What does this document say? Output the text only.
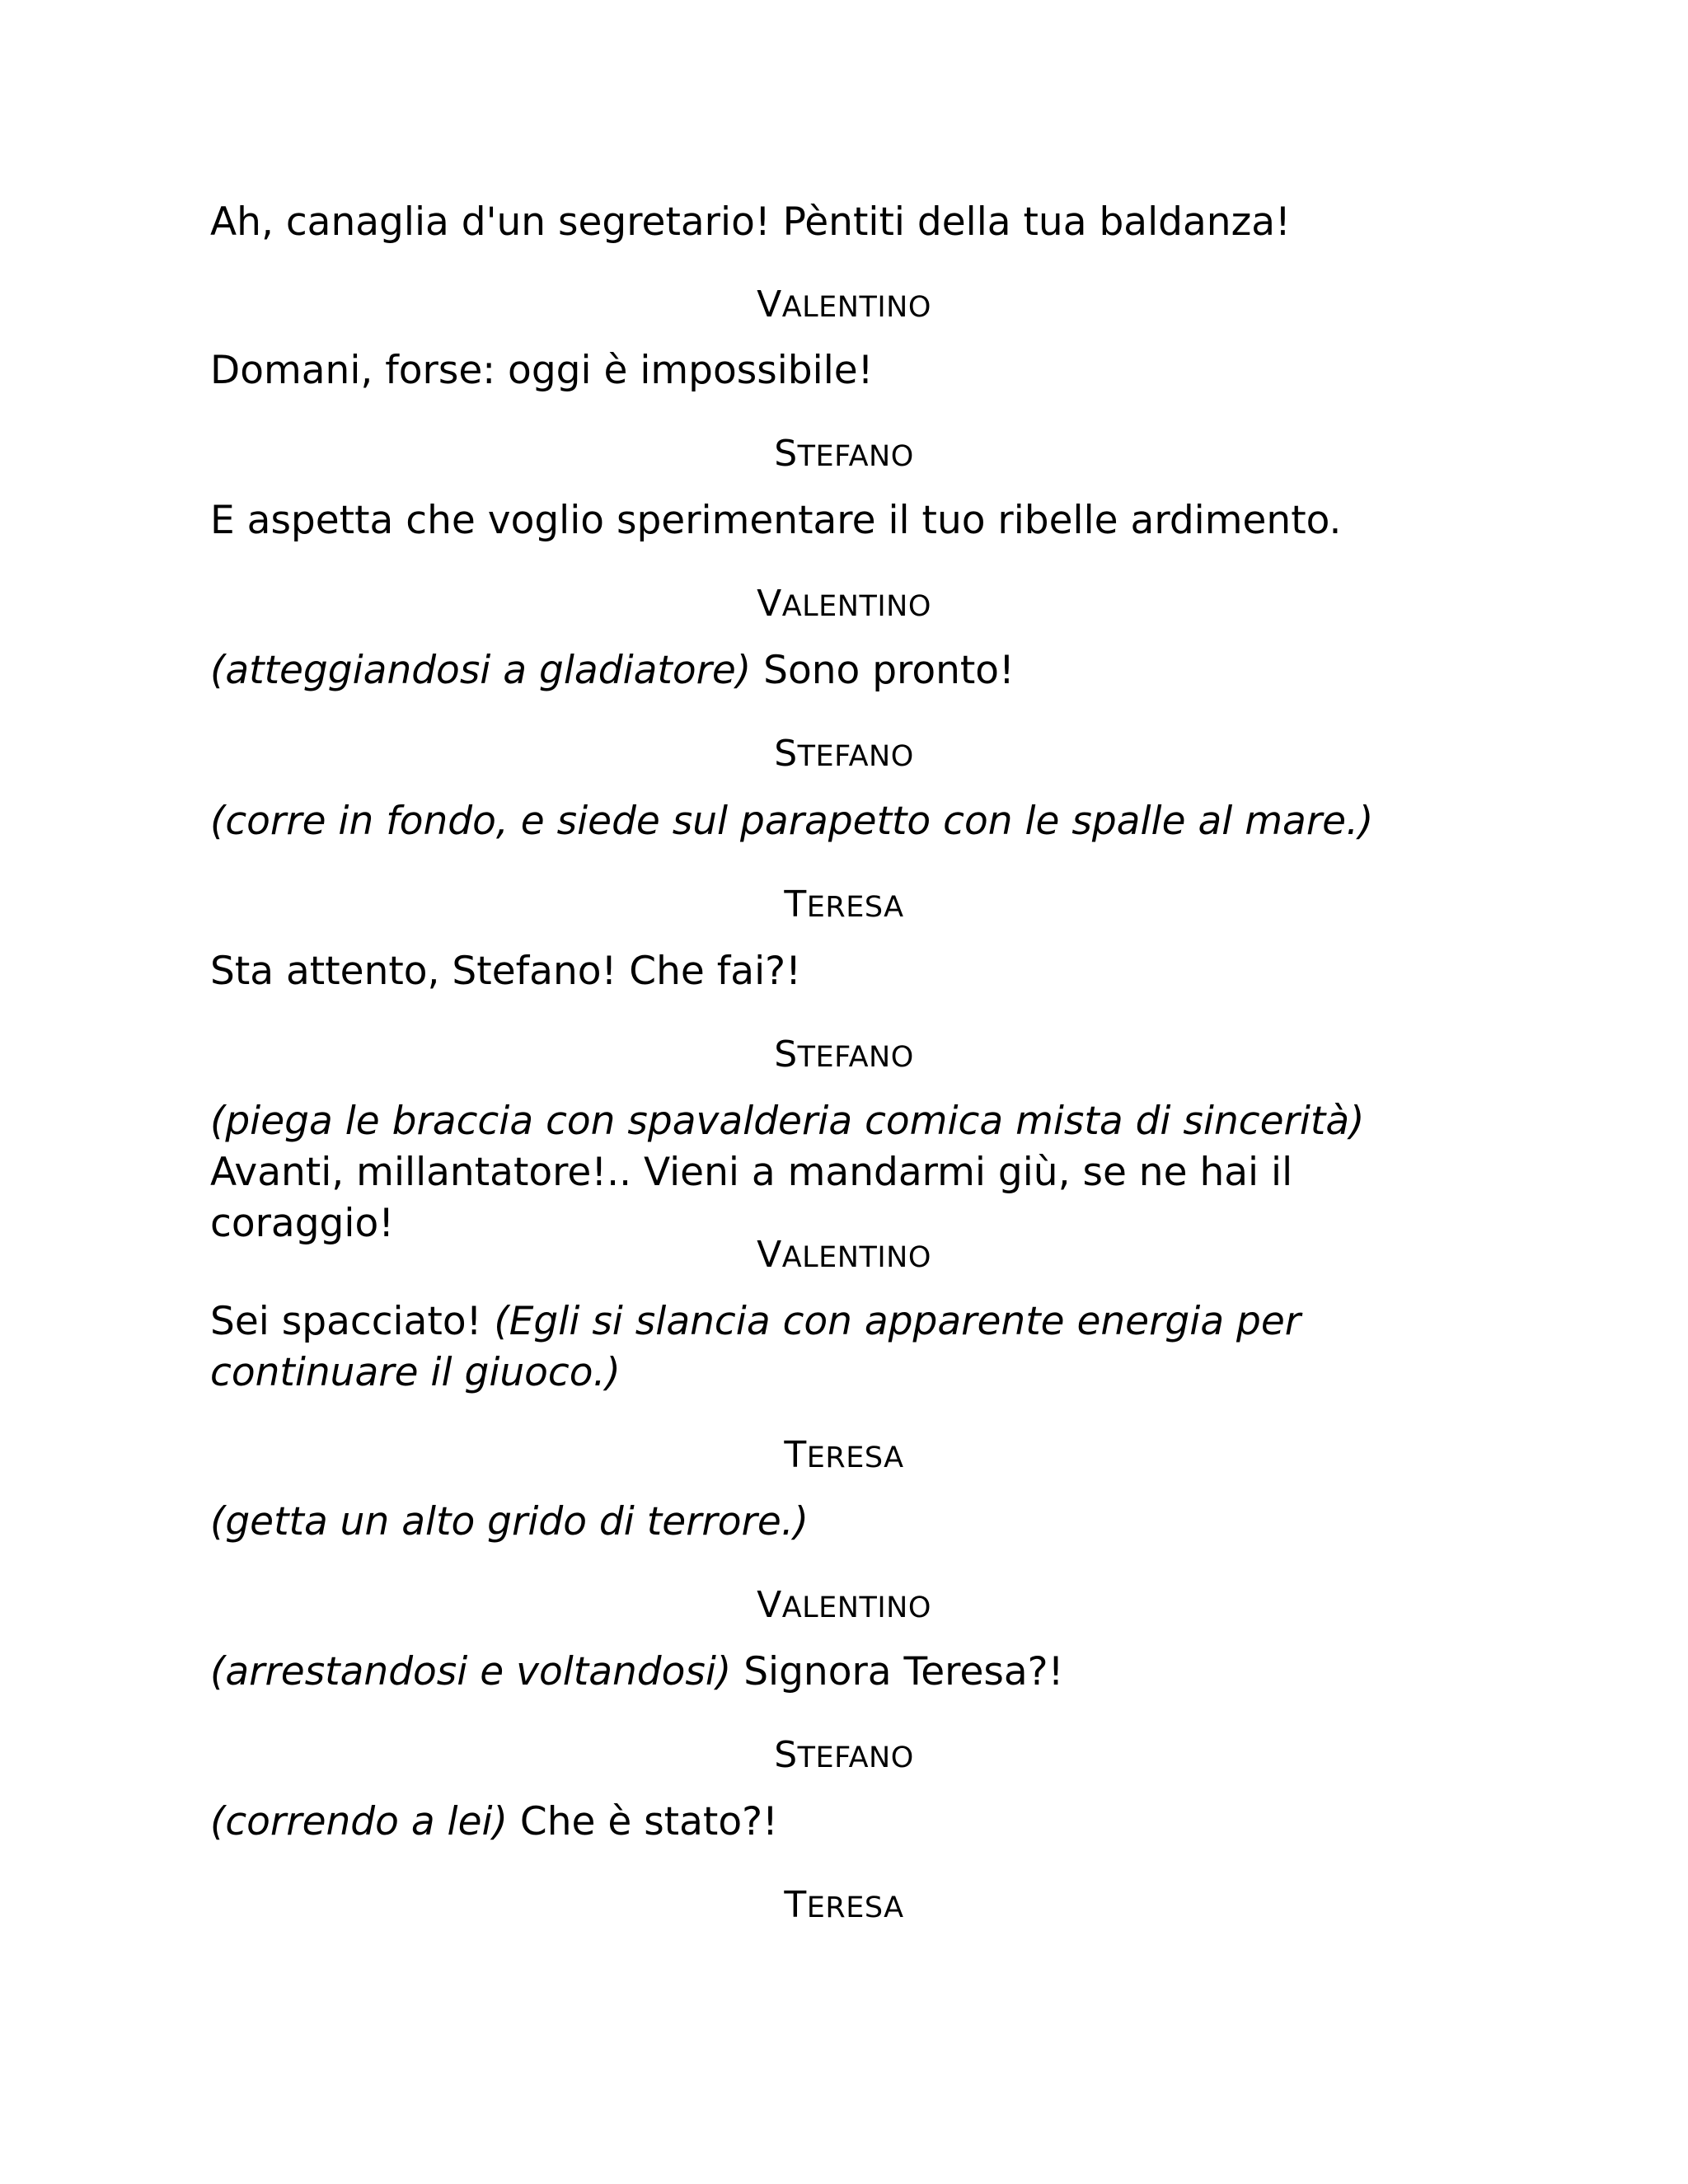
Ah, canaglia d'un segretario! Pèntiti della tua baldanza!
VALENTINO
Domani, forse: oggi è impossibile!
STEFANO
E aspetta che voglio sperimentare il tuo ribelle ardimento.
VALENTINO
(atteggiandosi a gladiatore) Sono pronto!
STEFANO
(corre in fondo, e siede sul parapetto con le spalle al mare.)
TERESA
Sta attento, Stefano! Che fai?!
STEFANO
(piega le braccia con spavalderia comica mista di sincerità) Avanti, millantatore!.. Vieni a mandarmi giù, se ne hai il coraggio!
VALENTINO
Sei spacciato! (Egli si slancia con apparente energia per continuare il giuoco.)
TERESA
(getta un alto grido di terrore.)
VALENTINO
(arrestandosi e voltandosi) Signora Teresa?!
STEFANO
(correndo a lei) Che è stato?!
TERESA
